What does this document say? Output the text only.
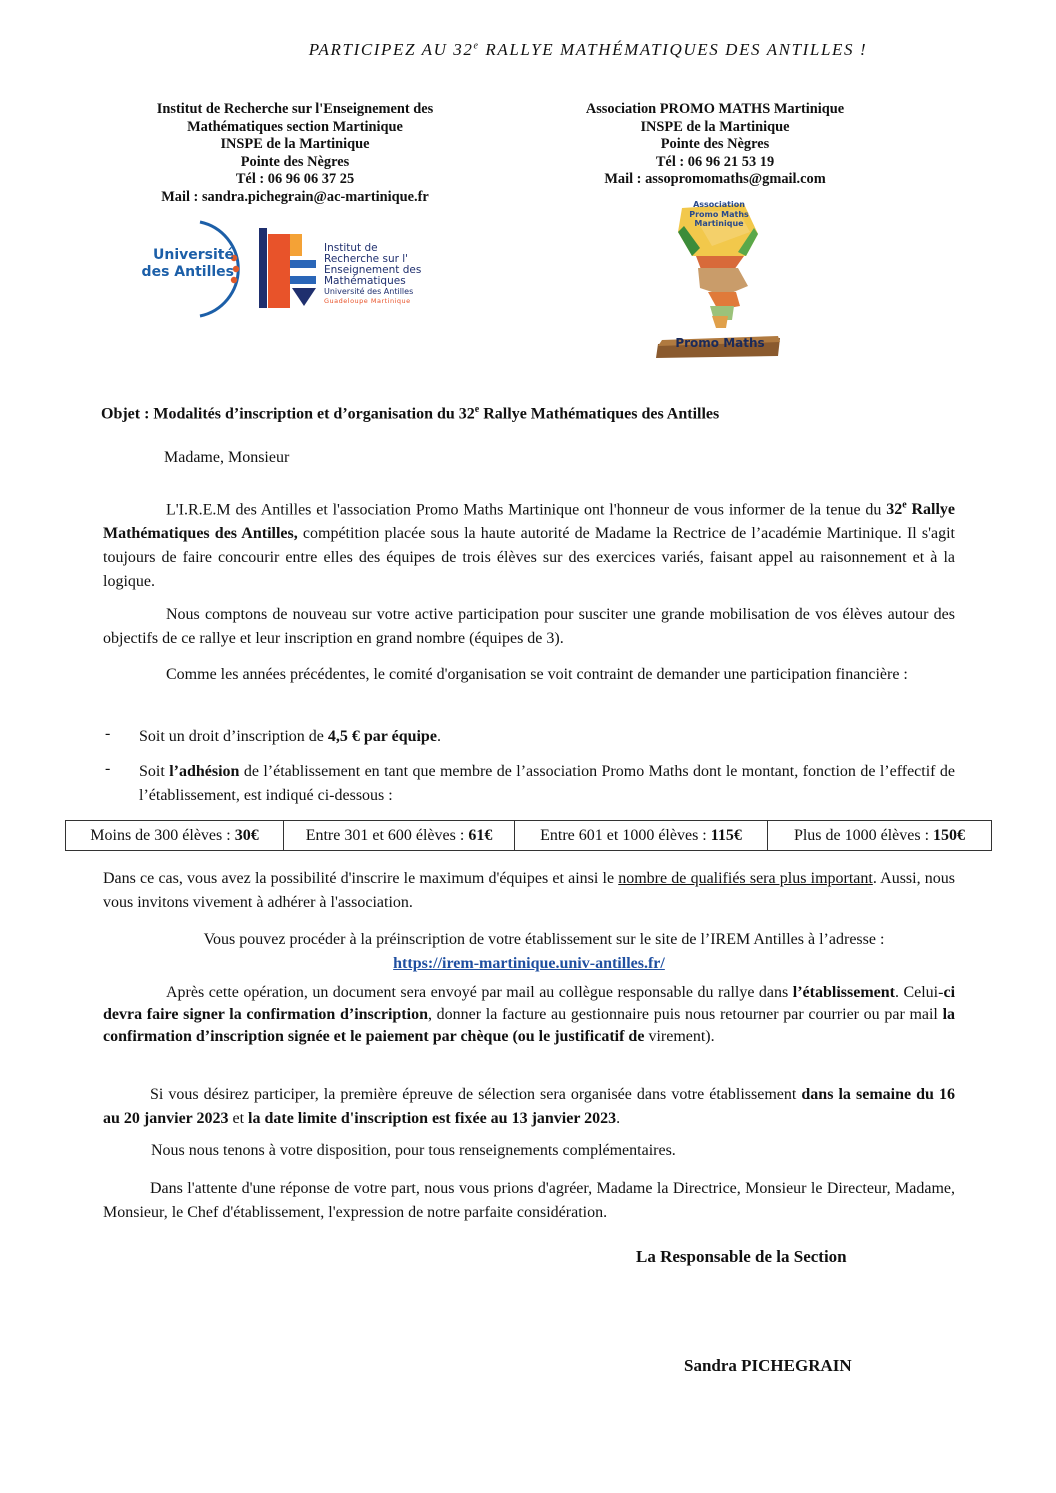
PARTICIPEZ AU 32e RALLYE MATHÉMATIQUES DES ANTILLES !
Institut de Recherche sur l'Enseignement des
Mathématiques section Martinique
INSPE de la Martinique
Pointe des Nègres
Tél : 06 96 06 37 25
Mail : sandra.pichegrain@ac-martinique.fr
Association PROMO MATHS Martinique
INSPE de la Martinique
Pointe des Nègres
Tél : 06 96 21 53 19
Mail : assopromomaths@gmail.com
Université
des Antilles
Institut de
Recherche sur l'
Enseignement des
Mathématiques
Université des Antilles
Guadeloupe Martinique
Association
Promo Maths
Martinique
Promo Maths
Objet : Modalités d’inscription et d’organisation du 32e Rallye Mathématiques des Antilles
Madame, Monsieur
L'I.R.E.M des Antilles et l'association Promo Maths Martinique ont l'honneur de vous informer de la tenue du 32e Rallye Mathématiques des Antilles, compétition placée sous la haute autorité de Madame la Rectrice de l’académie Martinique. Il s'agit toujours de faire concourir entre elles des équipes de trois élèves sur des exercices variés, faisant appel au raisonnement et à la logique.
Nous comptons de nouveau sur votre active participation pour susciter une grande mobilisation de vos élèves autour des objectifs de ce rallye et leur inscription en grand nombre (équipes de 3).
Comme les années précédentes, le comité d'organisation se voit contraint de demander une participation financière :
- Soit un droit d’inscription de 4,5 € par équipe.
- Soit l’adhésion de l’établissement en tant que membre de l’association Promo Maths dont le montant, fonction de l’effectif de l’établissement, est indiqué ci-dessous :
Moins de 300 élèves : 30€	Entre 301 et 600 élèves : 61€	Entre 601 et 1000 élèves : 115€	Plus de 1000 élèves : 150€
Dans ce cas, vous avez la possibilité d'inscrire le maximum d'équipes et ainsi le nombre de qualifiés sera plus important. Aussi, nous vous invitons vivement à adhérer à l'association.
Vous pouvez procéder à la préinscription de votre établissement sur le site de l’IREM Antilles à l’adresse :
https://irem-martinique.univ-antilles.fr/
Après cette opération, un document sera envoyé par mail au collègue responsable du rallye dans l’établissement. Celui-ci devra faire signer la confirmation d’inscription, donner la facture au gestionnaire puis nous retourner par courrier ou par mail la confirmation d’inscription signée et le paiement par chèque (ou le justificatif de virement).
Si vous désirez participer, la première épreuve de sélection sera organisée dans votre établissement dans la semaine du 16 au 20 janvier 2023 et la date limite d'inscription est fixée au 13 janvier 2023.
Nous nous tenons à votre disposition, pour tous renseignements complémentaires.
Dans l'attente d'une réponse de votre part, nous vous prions d'agréer, Madame la Directrice, Monsieur le Directeur, Madame, Monsieur, le Chef d'établissement, l'expression de notre parfaite considération.
La Responsable de la Section
Sandra PICHEGRAIN
